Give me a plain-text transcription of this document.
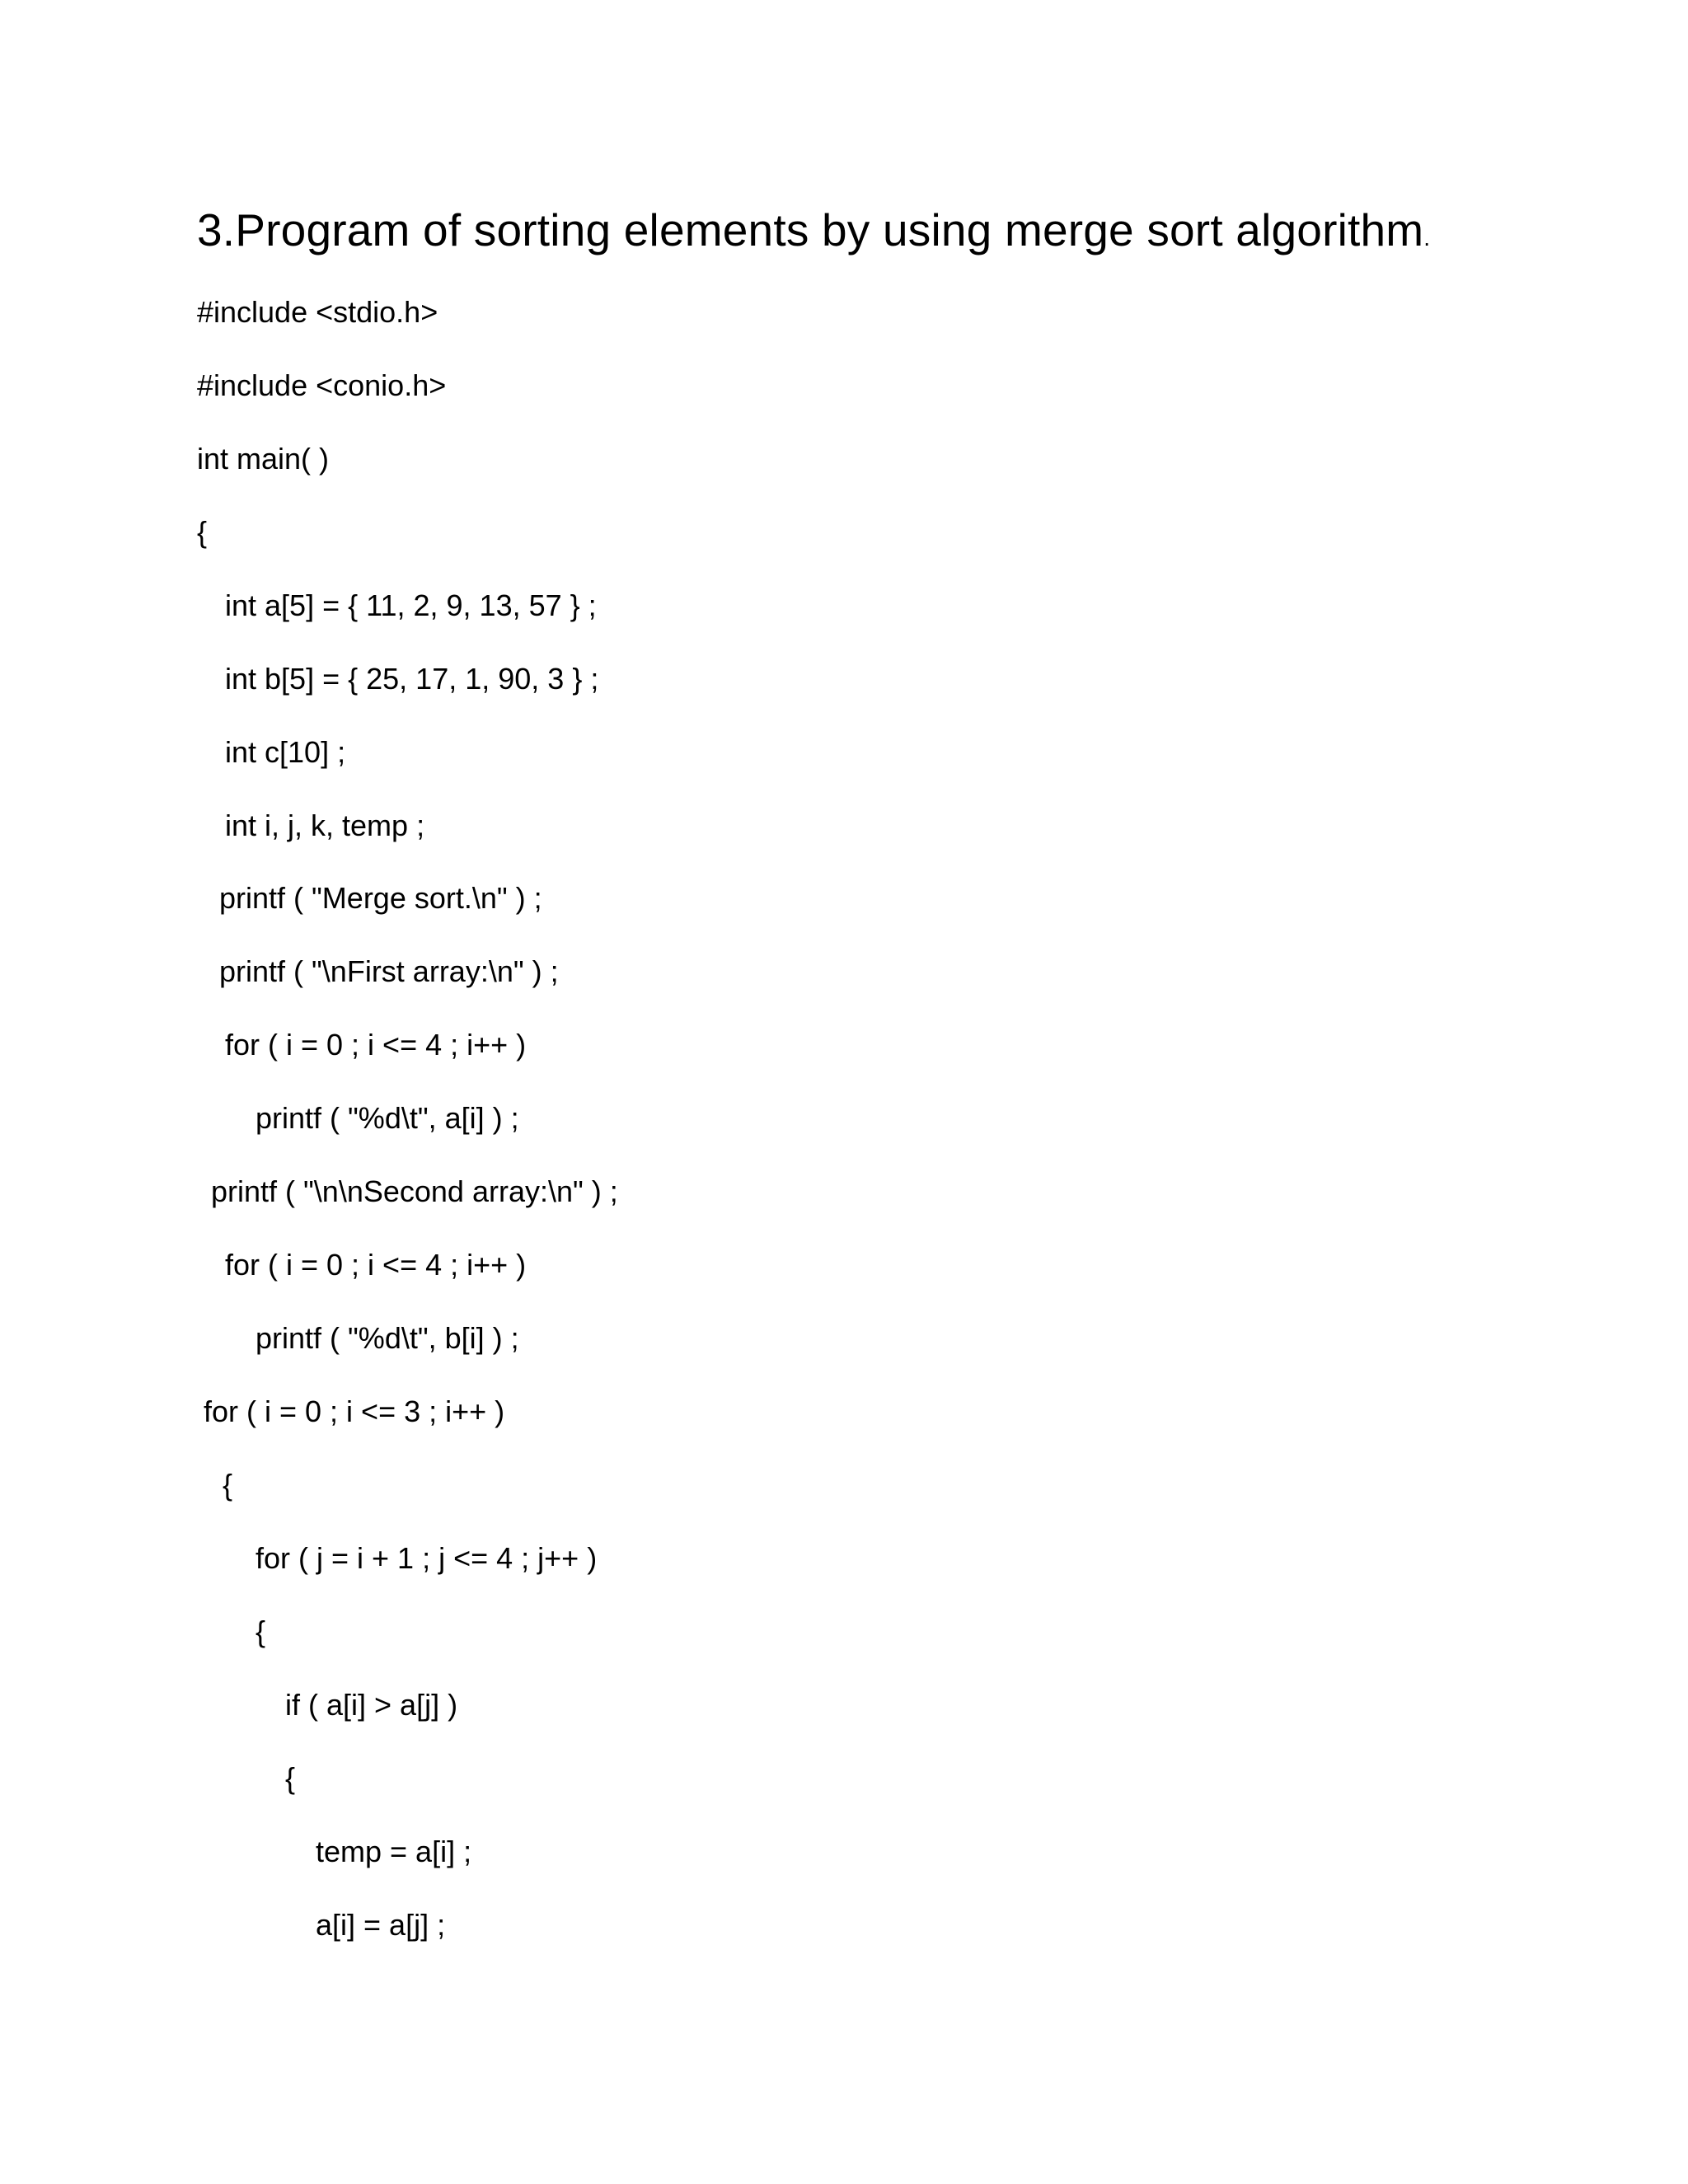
3.Program of sorting elements by using merge sort algorithm.
#include <stdio.h>
#include <conio.h>
int main( )
{
int a[5] = { 11, 2, 9, 13, 57 } ;
int b[5] = { 25, 17, 1, 90, 3 } ;
int c[10] ;
int i, j, k, temp ;
printf ( "Merge sort.\n" ) ;
printf ( "\nFirst array:\n" ) ;
for ( i = 0 ; i <= 4 ; i++ )
printf ( "%d\t", a[i] ) ;
printf ( "\n\nSecond array:\n" ) ;
for ( i = 0 ; i <= 4 ; i++ )
printf ( "%d\t", b[i] ) ;
for ( i = 0 ; i <= 3 ; i++ )
{
for ( j = i + 1 ; j <= 4 ; j++ )
{
if ( a[i] > a[j] )
{
temp = a[i] ;
a[i] = a[j] ;
